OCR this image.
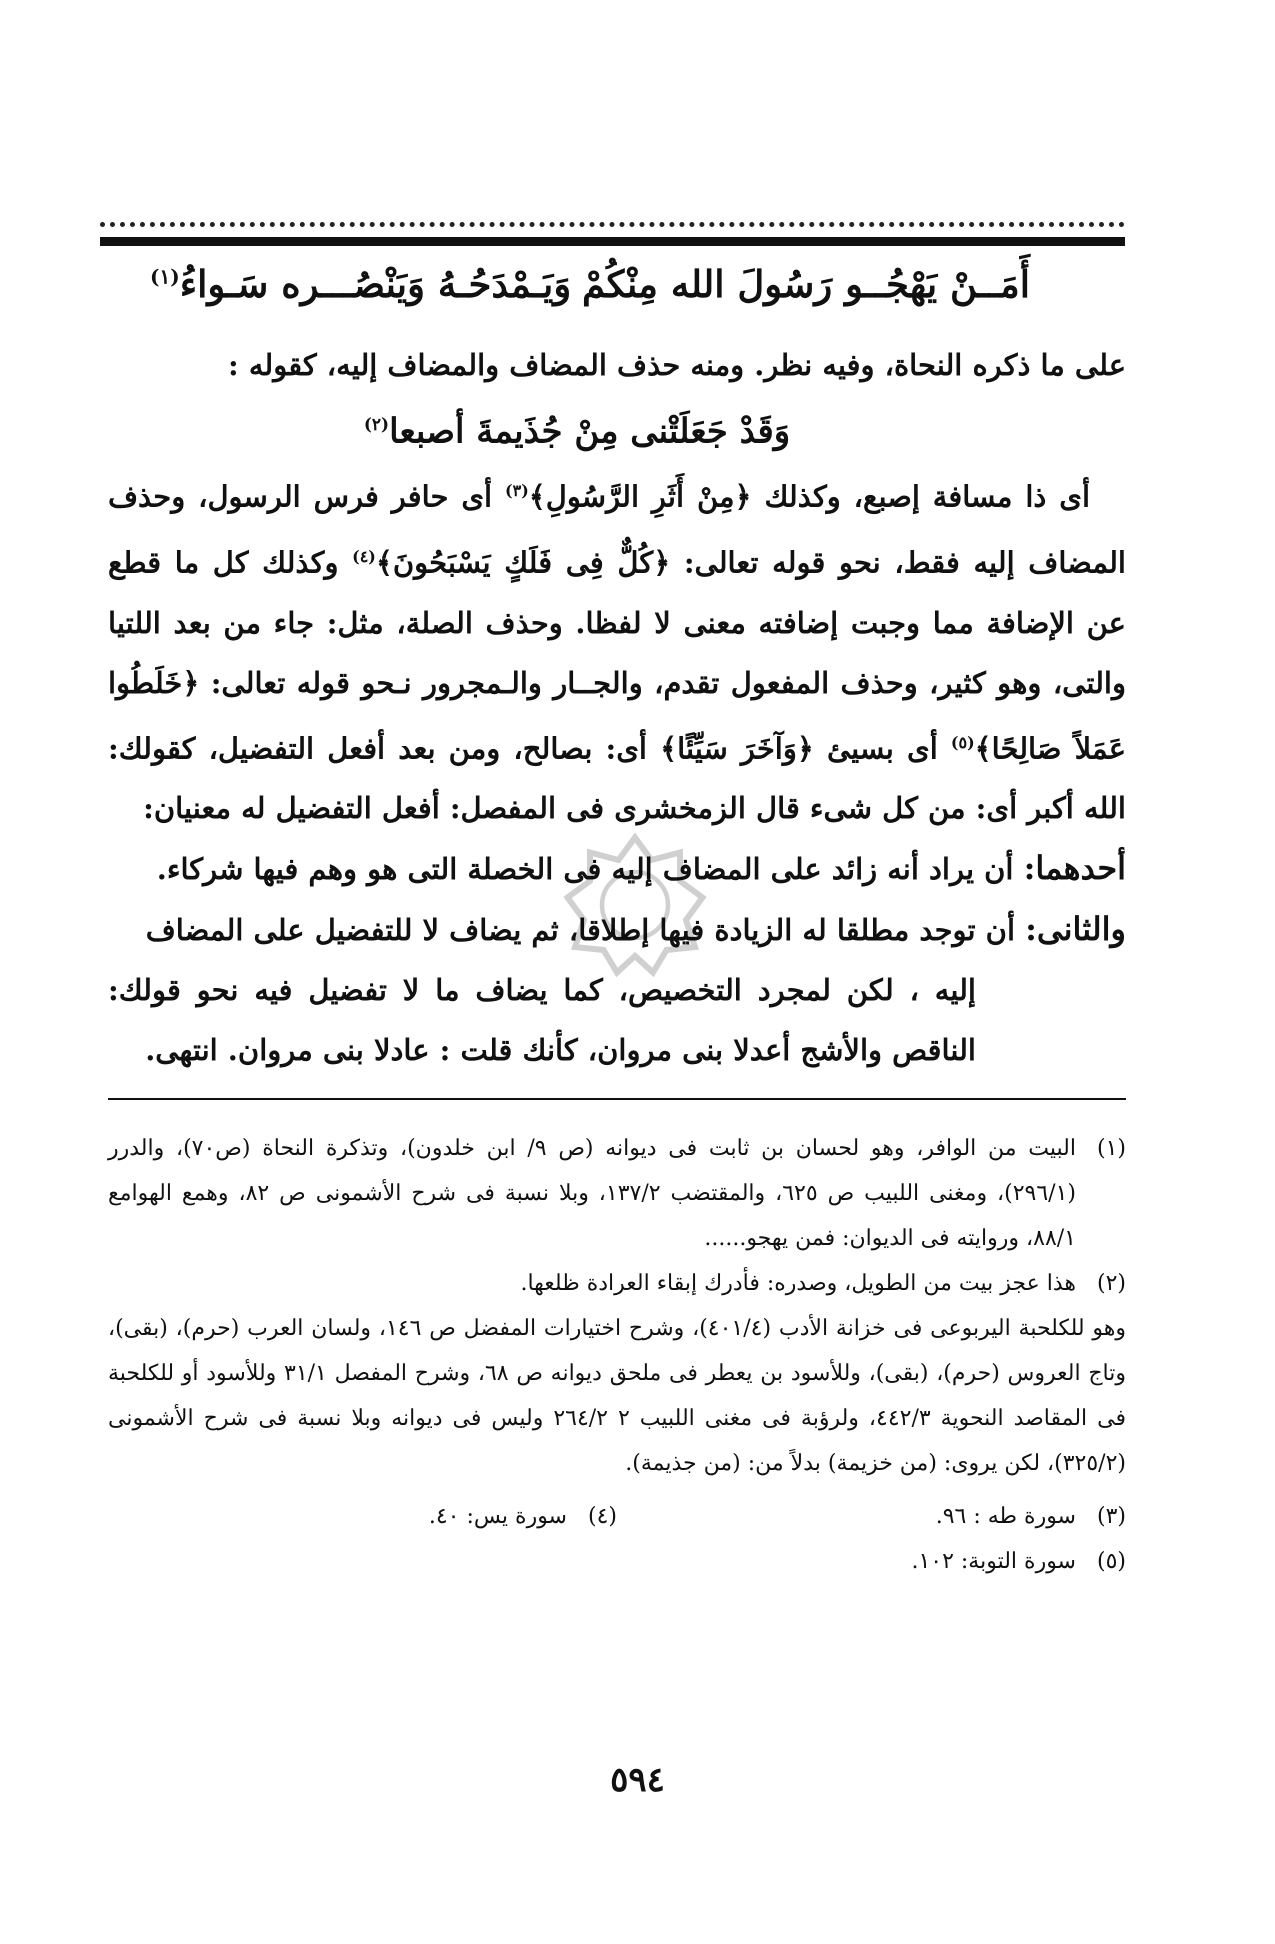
أَمَــنْ يَهْجُــو رَسُولَ الله مِنْكُمْ
وَيَـمْدَحُـهُ وَيَنْصُـــره سَـواءُ$^{(١)}$

على ما ذكره النحاة، وفيه نظر. ومنه حذف المضاف والمضاف إليه، كقوله :

وَقَدْ جَعَلَتْنى مِنْ جُذَيمةَ أصبعا$^{(٢)}$

أى ذا مسافة إصبع، وكذلك ﴿مِنْ أَثَرِ الرَّسُولِ﴾$^{(٣)}$ أى حافر فرس الرسول، وحذف المضاف إليه فقط، نحو قوله تعالى: ﴿كُلٌّ فِى فَلَكٍ يَسْبَحُونَ﴾$^{(٤)}$ وكذلك كل ما قطع عن الإضافة مما وجبت إضافته معنى لا لفظا. وحذف الصلة، مثل: جاء من بعد اللتيا والتى، وهو كثير، وحذف المفعول تقدم، والجــار والـمجرور نـحو قوله تعالى: ﴿خَلَطُوا عَمَلاً صَالِحًا﴾$^{(٥)}$ أى بسيئ ﴿وَآخَرَ سَيِّئًا﴾ أى: بصالح، ومن بعد أفعل التفضيل، كقولك: الله أكبر أى: من كل شىء قال الزمخشرى فى المفصل: أفعل التفضيل له معنيان:

أحدهما: أن يراد أنه زائد على المضاف إليه فى الخصلة التى هو وهم فيها شركاء.

والثانى: أن توجد مطلقا له الزيادة فيها إطلاقا، ثم يضاف لا للتفضيل على المضاف

إليه ، لكن لمجرد التخصيص، كما يضاف ما لا تفضيل فيه نحو قولك: الناقص والأشج أعدلا بنى مروان، كأنك قلت : عادلا بنى مروان. انتهى.

(١)
البيت من الوافر، وهو لحسان بن ثابت فى ديوانه (ص ٩/ ابن خلدون)، وتذكرة النحاة (ص٧٠)، والدرر (٢٩٦/١)، ومغنى اللبيب ص ٦٢٥، والمقتضب ١٣٧/٢، وبلا نسبة فى شرح الأشمونى ص ٨٢، وهمع الهوامع ٨٨/١، وروايته فى الديوان: فمن يهجو......
(٢)
هذا عجز بيت من الطويل، وصدره: فأدرك إبقاء العرادة ظلعها.

وهو للكلحبة اليربوعى فى خزانة الأدب (٤٠١/٤)، وشرح اختيارات المفضل ص ١٤٦، ولسان العرب (حرم)، (بقى)، وتاج العروس (حرم)، (بقى)، وللأسود بن يعطر فى ملحق ديوانه ص ٦٨، وشرح المفصل ٣١/١ وللأسود أو للكلحبة فى المقاصد النحوية ٤٤٢/٣، ولرؤبة فى مغنى اللبيب ٢ ٢٦٤/٢ وليس فى ديوانه وبلا نسبة فى شرح الأشمونى (٣٢٥/٢)، لكن يروى: (من خزيمة) بدلاً من: (من جذيمة).

(٣)
سورة طه : ٩٦.
(٤)
سورة يس: ٤٠.
(٥)
سورة التوبة: ١٠٢.
٥٩٤
